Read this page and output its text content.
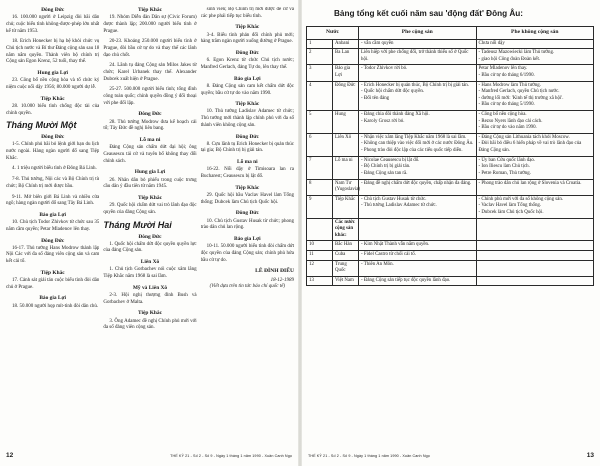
Đông Đức
16. 100.000 người ở Leipzig đòi bãi dân chủ; cuộc biểu tình không-được-phép lớn nhất kể từ năm 1953.
18. Erich Honecker bị hạ bệ khỏi chức vụ Chủ tịch nước và Bí thư Đảng cộng sản sau 18 năm nắm quyền. Thành viên bộ chính trị Cộng sản Egon Krenz, 52 tuổi, thay thế.
Hung gia Lợi
23. Công bố nền cộng hòa và tổ chức kỷ niệm cuộc nổi dậy 1956; 80.000 người dự lễ.
Tiệp Khắc
28. 10.000 biểu tình chống độc tài của chính quyền.
Tháng Mười Một
Đông Đức
1-5. Chính phủ bãi bỏ lệnh giới hạn du lịch nước ngoài. Hàng ngàn người đổ sang Tiệp Khắc.
4. 1 triệu người biểu tình ở Đông Bá Linh.
7-8. Thủ tướng, Nội các và Bộ Chính trị từ chức; Bộ Chính trị mới được bầu.
9-11. Mở biên giới Bá Linh và nhiều cửa ngõ; hàng ngàn người đổ sang Tây Bá Linh.
Bảo gia Lợi
10. Chủ tịch Todor Zhivkov từ chức sau 35 năm cầm quyền; Petar Mladenov lên thay.
Đông Đức
16-17. Thủ tướng Hans Modrow thành lập Nội Các với đa số đảng viên cộng sản và cam kết cải tổ.
Tiệp Khắc
17. Cảnh sát giải tán cuộc biểu tình đòi dân chủ ở Prague.
Bảo gia Lợi
18. 50.000 người họp mít-tinh đòi dân chủ.
Tiệp Khắc
19. Nhóm Diễn đàn Dân sự (Civic Forum) được thành lập; 200.000 người biểu tình ở Prague.
20-23. Khoảng 250.000 người biểu tình ở Prague, đòi bầu cử tự do và thay thế các lãnh đạo chủ chốt.
24. Lãnh tụ đảng Cộng sản Milos Jakes từ chức; Karel Urbanek thay thế. Alexander Dubcek xuất hiện ở Prague.
25-27. 500.000 người biểu tình; tổng đình công toàn quốc; chính quyền đồng ý đối thoại với phe đối lập.
Đông Đức
28. Thủ tướng Modrow đưa kế hoạch cải tổ; Tây Đức đề nghị liên bang.
Lỗ ma ni
Đảng Cộng sản chấm dứt đại hội; ông Ceausescu tái cử và tuyên bố không thay đổi chính sách.
Hung gia Lợi
26. Nhân dân bỏ phiếu trong cuộc trưng cầu dân ý đầu tiên từ năm 1945.
Tiệp Khắc
29. Quốc hội chấm dứt vai trò lãnh đạo độc quyền của đảng Cộng sản.
Tháng Mười Hai
Đông Đức
1. Quốc hội chấm dứt độc quyền quyền lực của đảng Cộng sản.
Liên Xô
1. Chủ tịch Gorbachev nói cuộc xâm lăng Tiệp Khắc năm 1968 là sai lầm.
Mỹ và Liên Xô
2-3. Hội nghị thượng đỉnh Bush và Gorbachev ở Malta.
Tiệp Khắc
3. Ông Adamec đề nghị Chính phủ mới với đa số đảng viên cộng sản.
sinh viên; Bộ Chính trị mới được đề cử và các phe phái tiếp tục biểu tình.
Tiệp Khắc
3-4. Biểu tình phản đối chính phủ mới; hàng trăm ngàn người xuống đường ở Prague.
Đông Đức
6. Egon Krenz từ chức Chủ tịch nước; Manfred Gerlach, đảng Tự do, lên thay thế.
Bảo gia Lợi
8. Đảng Cộng sản cam kết chấm dứt độc quyền; bầu cử tự do vào năm 1990.
Tiệp Khắc
10. Thủ tướng Ladislav Adamec từ chức; Thủ tướng mới thành lập chính phủ với đa số thành viên không cộng sản.
Đông Đức
8. Cựu lãnh tụ Erich Honecker bị quản thúc tại gia; Bộ Chính trị bị giải tán.
Lỗ ma ni
16-22. Nổi dậy ở Timisoara lan ra Bucharest; Ceausescu bị lật đổ.
Tiệp Khắc
29. Quốc hội bầu Vaclav Havel làm Tổng thống; Dubcek làm Chủ tịch Quốc hội.
Đông Đức
10. Chủ tịch Gustav Husak từ chức; phong trào dân chủ lan rộng.
Bảo gia Lợi
10-11. 50.000 người biểu tình đòi chấm dứt độc quyền của đảng Cộng sản; chính phủ hứa bầu cử tự do.
LÊ ĐÌNH ĐIỂU
18-12-1989
(Viết dựa trên tin tức báo chí quốc tế)
12	THẾ KỶ 21 - Số 2 - Số 9 - Ngày 1 tháng 1 năm 1990 - Xuân Canh Ngọ
Bảng tổng kết cuối năm sau 'động đất' Đông Âu:
Nước		Phe cộng sản	Phe không cộng sản
1	Anbani	- vẫn cầm quyền	Chưa nổi dậy

2	Ba Lan	Liên hiệp với phe chống đối, trở thành thiểu số ở Quốc hội.	- Tadeusz Mazowiecki làm Thủ tướng.
- giao hội Công đoàn Đoàn kết.

3	Bảo gia Lợi	- Todor Zhivkov rời bỏ.	Petar Mladenov lên thay.
- Bầu cử tự do tháng 6/1990.

4	Đông Đức	- Erich Honecker bị quản thúc, Bộ Chính trị bị giải tán.
- Quốc hội chấm dứt độc quyền.
- Đổi tên đảng	- Hans Modrow làm Thủ tướng.
- Manfred Gerlach, quyền Chủ tịch nước.
- đường lối mới: 'Kinh tế thị trường xã hội'.
- Bầu cử tự do tháng 5/1990.

5	Hung	- Đảng chia đôi thành đảng Xã hội.
- Karoly Grosz rời bỏ.	- Công bố nền cộng hòa.
- Rezso Nyers lãnh đạo cải cách.
- Bầu cử tự do vào năm 1990.

6	Liên Xô	- Nhận việc xâm lăng Tiệp Khắc năm 1968 là sai lầm.
- Không can thiệp vào việc đổi mới ở các nước Đông Âu.
- Phong trào đòi độc lập của các tiểu quốc tiếp diễn.	- Đảng Cộng sản Lithuania tách khỏi Moscow.
- Đòi bãi bỏ điều 6 hiến pháp về vai trò lãnh đạo của Đảng Cộng sản.

7	Lỗ ma ni	- Nicolae Ceausescu bị lật đổ.
- Bộ Chính trị bị giải tán.
- Đảng Cộng sản tan rã.	- Ủy ban Cứu quốc lãnh đạo.
- Ion Iliescu làm Chủ tịch.
- Petre Roman, Thủ tướng.

8	Nam Tư (Yugoslavia)	- Đảng đề nghị chấm dứt độc quyền, chấp nhận đa đảng.	- Phong trào dân chủ lan rộng ở Slovenia và Croatia.

9	Tiệp Khắc	- Chủ tịch Gustav Husak từ chức.
- Thủ tướng Ladislav Adamec từ chức.	- Chính phủ mới với đa số không cộng sản.
- Vaclav Havel làm Tổng thống.
- Dubcek làm Chủ tịch Quốc hội.

	Các nước cộng sản khác:		
10	Bắc Hàn	- Kim Nhật Thành vẫn nắm quyền.	

11	Cuba	- Fidel Castro từ chối cải tổ.	

12	Trung Quốc	- Thiên An Môn.	

13	Việt Nam	- Đảng Cộng sản tiếp tục độc quyền lãnh đạo.	

THẾ KỶ 21 - Số 2 - Số 9 - Ngày 1 tháng 1 năm 1990 - Xuân Canh Ngọ	13
